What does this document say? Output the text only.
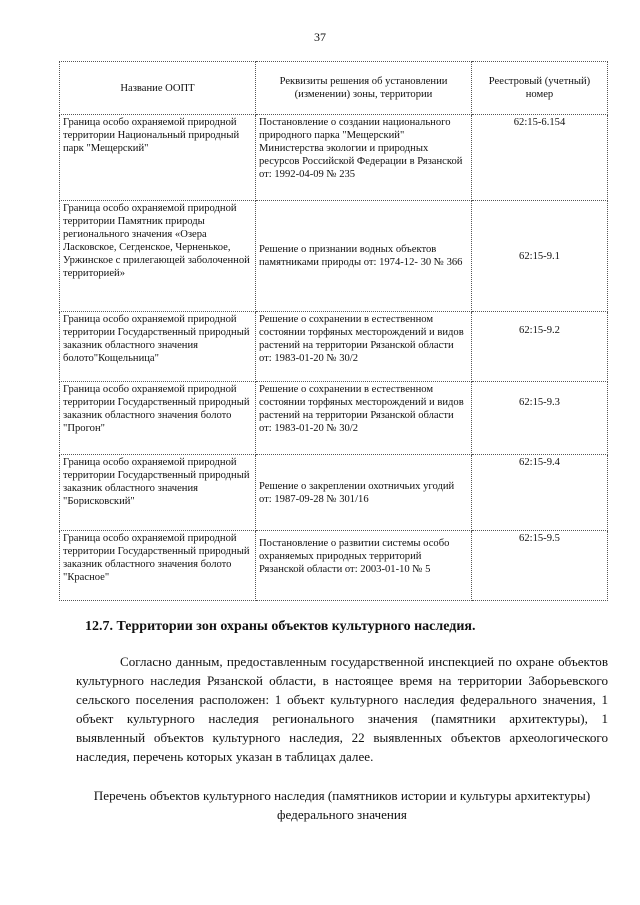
37
Название ООПТ	Реквизиты решения об установлении (изменении) зоны, территории	Реестровый (учетный) номер
Граница особо охраняемой природной территории Национальный природный парк "Мещерский"	Постановление о создании национального природного парка "Мещерский" Министерства экологии и природных ресурсов Российской Федерации в Рязанской от: 1992-04-09 № 235	62:15-6.154
Граница особо охраняемой природной территории Памятник природы регионального значения «Озера Ласковское, Сегденское, Черненькое, Уржинское с прилегающей заболоченной территорией»	Решение о признании водных объектов памятниками природы от: 1974-12- 30 № 366	62:15-9.1
Граница особо охраняемой природной территории Государственный природный заказник областного значения болото"Кощельница"	Решение о сохранении в естественном состоянии торфяных месторождений и видов растений на территории Рязанской области от: 1983-01-20 № 30/2	62:15-9.2
Граница особо охраняемой природной территории Государственный природный заказник областного значения болото "Прогон"	Решение о сохранении в естественном состоянии торфяных месторождений и видов растений на территории Рязанской области от: 1983-01-20 № 30/2	62:15-9.3
Граница особо охраняемой природной территории Государственный природный заказник областного значения "Борисковский"	Решение о закреплении охотничьих угодий от: 1987-09-28 № 301/16	62:15-9.4
Граница особо охраняемой природной территории Государственный природный заказник областного значения болото "Красное"	Постановление о развитии системы особо охраняемых природных территорий Рязанской области от: 2003-01-10 № 5	62:15-9.5
12.7. Территории зон охраны объектов культурного наследия.
Согласно данным, предоставленным государственной инспекцией по охране объектов культурного наследия Рязанской области, в настоящее время на территории Заборьевского сельского поселения расположен: 1 объект культурного наследия федерального значения, 1 объект культурного наследия регионального значения (памятники архитектуры), 1 выявленный объектов культурного наследия, 22 выявленных объектов археологического наследия, перечень которых указан в таблицах далее.
Перечень объектов культурного наследия (памятников истории и культуры архитектуры) федерального значения
